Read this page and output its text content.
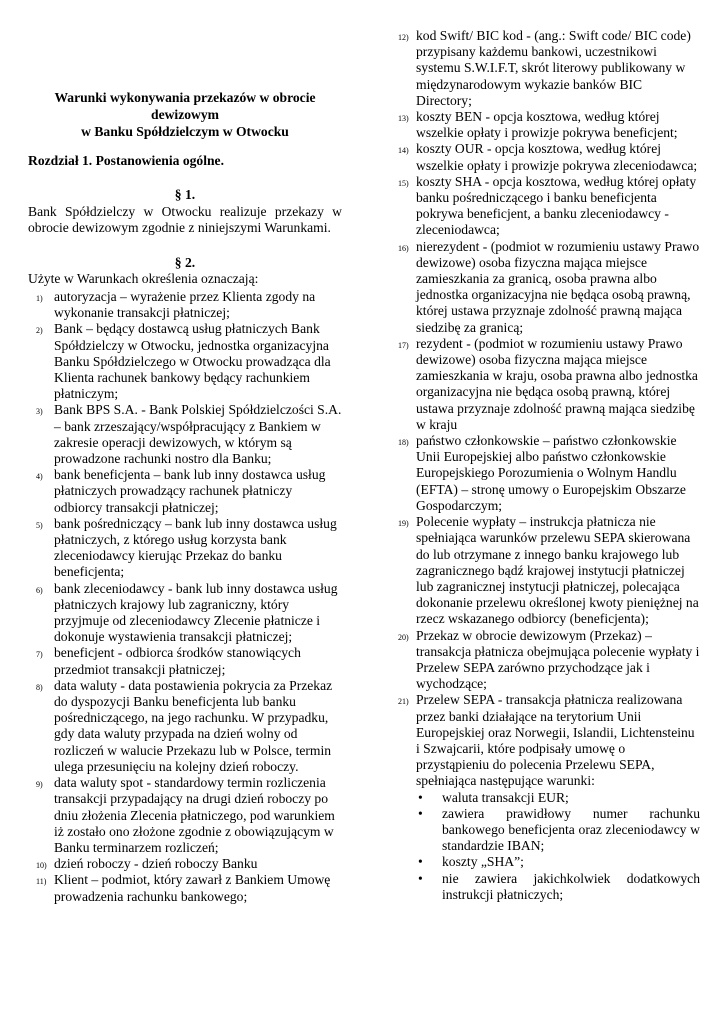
Warunki wykonywania przekazów w obrocie
dewizowym
w Banku Spółdzielczym w Otwocku
Rozdział 1. Postanowienia ogólne.
§ 1.
Bank Spółdzielczy w Otwocku realizuje przekazy w obrocie dewizowym zgodnie z niniejszymi Warunkami.
§ 2.
Użyte w Warunkach określenia oznaczają:
1) autoryzacja – wyrażenie przez Klienta zgody na wykonanie transakcji płatniczej;
2) Bank – będący dostawcą usług płatniczych Bank Spółdzielczy w Otwocku, jednostka organizacyjna Banku Spółdzielczego w Otwocku prowadząca dla Klienta rachunek bankowy będący rachunkiem płatniczym;
3) Bank BPS S.A. - Bank Polskiej Spółdzielczości S.A. – bank zrzeszający/współpracujący z Bankiem w zakresie operacji dewizowych, w którym są prowadzone rachunki nostro dla Banku;
4) bank beneficjenta – bank lub inny dostawca usług płatniczych prowadzący rachunek płatniczy odbiorcy transakcji płatniczej;
5) bank pośredniczący – bank lub inny dostawca usług płatniczych, z którego usług korzysta bank zleceniodawcy kierując Przekaz do banku beneficjenta;
6) bank zleceniodawcy - bank lub inny dostawca usług płatniczych krajowy lub zagraniczny, który przyjmuje od zleceniodawcy Zlecenie płatnicze i dokonuje wystawienia transakcji płatniczej;
7) beneficjent - odbiorca środków stanowiących przedmiot transakcji płatniczej;
8) data waluty - data postawienia pokrycia za Przekaz do dyspozycji Banku beneficjenta lub banku pośredniczącego, na jego rachunku. W przypadku, gdy data waluty przypada na dzień wolny od rozliczeń w walucie Przekazu lub w Polsce, termin ulega przesunięciu na kolejny dzień roboczy.
9) data waluty spot - standardowy termin rozliczenia transakcji przypadający na drugi dzień roboczy po dniu złożenia Zlecenia płatniczego, pod warunkiem iż zostało ono złożone zgodnie z obowiązującym w Banku terminarzem rozliczeń;
10) dzień roboczy - dzień roboczy Banku
11) Klient – podmiot, który zawarł z Bankiem Umowę prowadzenia rachunku bankowego;
12) kod Swift/ BIC kod - (ang.: Swift code/ BIC code) przypisany każdemu bankowi, uczestnikowi systemu S.W.I.F.T, skrót literowy publikowany w międzynarodowym wykazie banków BIC Directory;
13) koszty BEN - opcja kosztowa, według której wszelkie opłaty i prowizje pokrywa beneficjent;
14) koszty OUR - opcja kosztowa, według której wszelkie opłaty i prowizje pokrywa zleceniodawca;
15) koszty SHA - opcja kosztowa, według której opłaty banku pośredniczącego i banku beneficjenta pokrywa beneficjent, a banku zleceniodawcy - zleceniodawca;
16) nierezydent - (podmiot w rozumieniu ustawy Prawo dewizowe) osoba fizyczna mająca miejsce zamieszkania za granicą, osoba prawna albo jednostka organizacyjna nie będąca osobą prawną, której ustawa przyznaje zdolność prawną mająca siedzibę za granicą;
17) rezydent - (podmiot w rozumieniu ustawy Prawo dewizowe) osoba fizyczna mająca miejsce zamieszkania w kraju, osoba prawna albo jednostka organizacyjna nie będąca osobą prawną, której ustawa przyznaje zdolność prawną mająca siedzibę w kraju
18) państwo członkowskie – państwo członkowskie Unii Europejskiej albo państwo członkowskie Europejskiego Porozumienia o Wolnym Handlu (EFTA) – stronę umowy o Europejskim Obszarze Gospodarczym;
19) Polecenie wypłaty – instrukcja płatnicza nie spełniająca warunków przelewu SEPA skierowana do lub otrzymane z innego banku krajowego lub zagranicznego bądź krajowej instytucji płatniczej lub zagranicznej instytucji płatniczej, polecająca dokonanie przelewu określonej kwoty pieniężnej na rzecz wskazanego odbiorcy (beneficjenta);
20) Przekaz w obrocie dewizowym (Przekaz) – transakcja płatnicza obejmująca polecenie wypłaty i Przelew SEPA zarówno przychodzące jak i wychodzące;
21) Przelew SEPA - transakcja płatnicza realizowana przez banki działające na terytorium Unii Europejskiej oraz Norwegii, Islandii, Lichtensteinu i Szwajcarii, które podpisały umowę o przystąpieniu do polecenia Przelewu SEPA, spełniająca następujące warunki:
• waluta transakcji EUR;
• zawiera prawidłowy numer rachunku bankowego beneficjenta oraz zleceniodawcy w standardzie IBAN;
• koszty „SHA”;
• nie zawiera jakichkolwiek dodatkowych instrukcji płatniczych;
